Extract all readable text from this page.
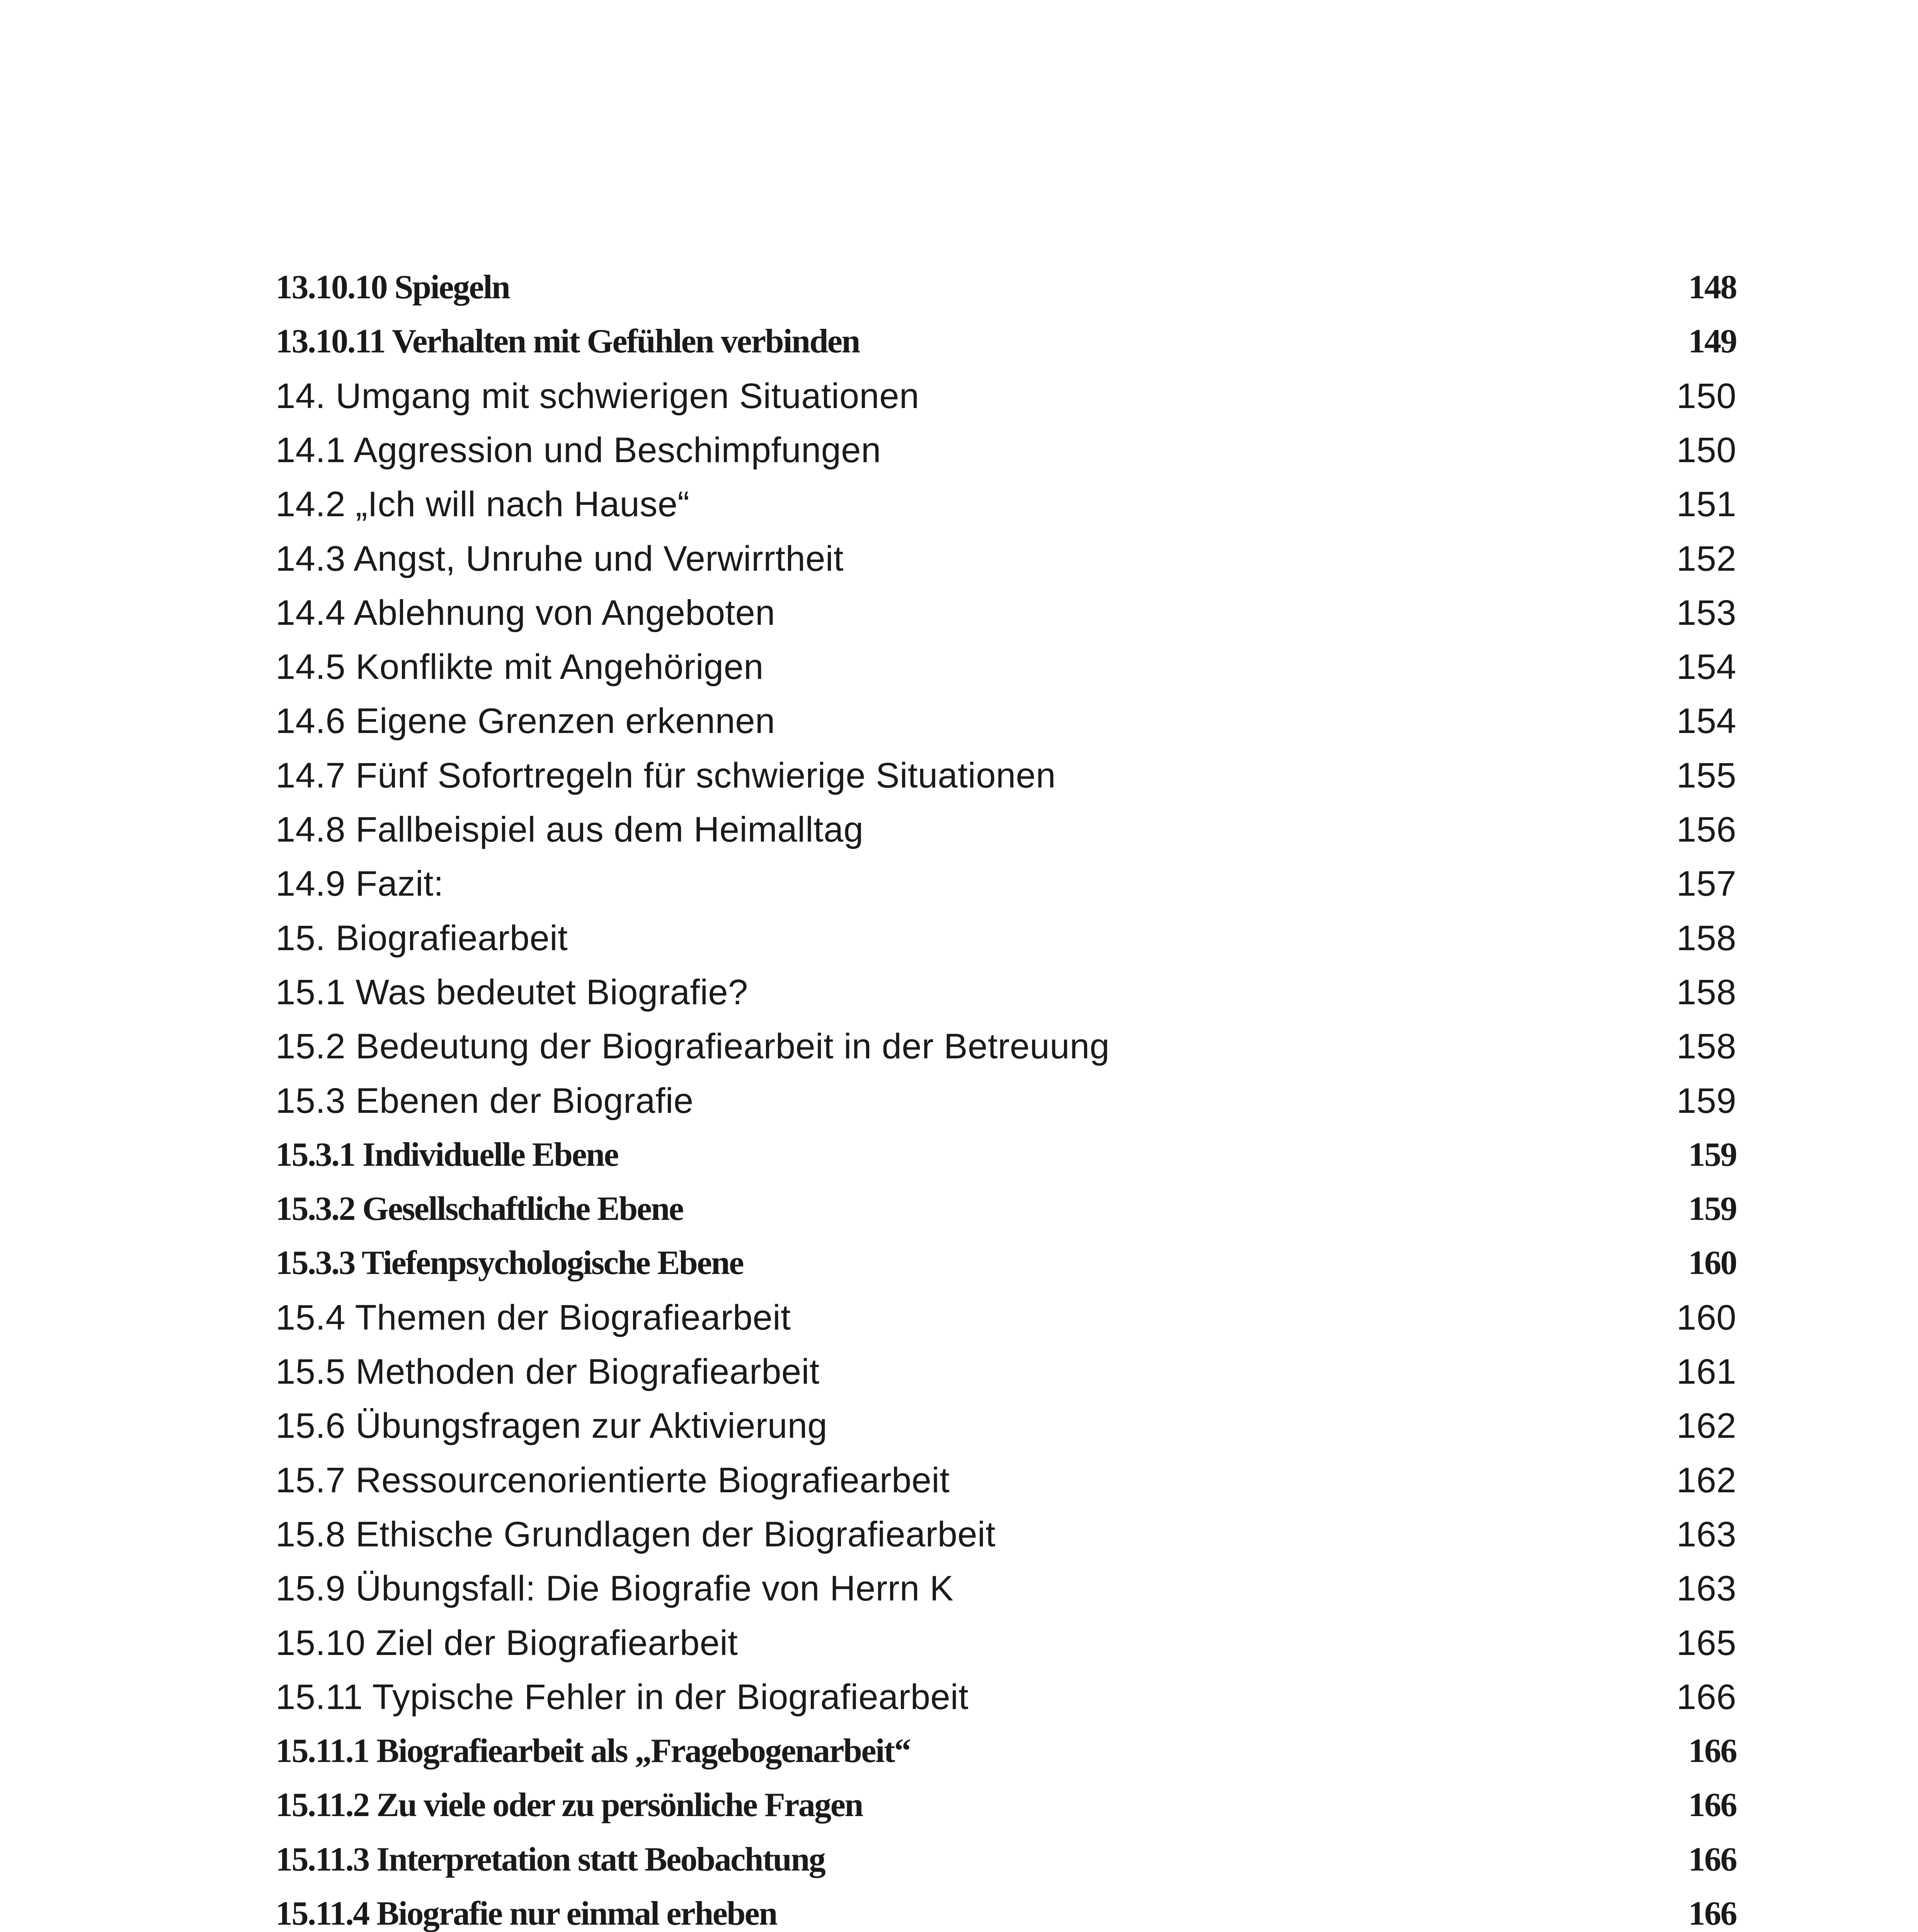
13.10.10 Spiegeln	148
13.10.11 Verhalten mit Gefühlen verbinden	149
14. Umgang mit schwierigen Situationen	150
14.1 Aggression und Beschimpfungen	150
14.2 „Ich will nach Hause“	151
14.3 Angst, Unruhe und Verwirrtheit	152
14.4 Ablehnung von Angeboten	153
14.5 Konflikte mit Angehörigen	154
14.6 Eigene Grenzen erkennen	154
14.7 Fünf Sofortregeln für schwierige Situationen	155
14.8 Fallbeispiel aus dem Heimalltag	156
14.9 Fazit:	157
15. Biografiearbeit	158
15.1 Was bedeutet Biografie?	158
15.2 Bedeutung der Biografiearbeit in der Betreuung	158
15.3 Ebenen der Biografie	159
15.3.1 Individuelle Ebene	159
15.3.2 Gesellschaftliche Ebene	159
15.3.3 Tiefenpsychologische Ebene	160
15.4 Themen der Biografiearbeit	160
15.5 Methoden der Biografiearbeit	161
15.6 Übungsfragen zur Aktivierung	162
15.7 Ressourcenorientierte Biografiearbeit	162
15.8 Ethische Grundlagen der Biografiearbeit	163
15.9 Übungsfall: Die Biografie von Herrn K	163
15.10 Ziel der Biografiearbeit	165
15.11 Typische Fehler in der Biografiearbeit	166
15.11.1 Biografiearbeit als „Fragebogenarbeit“	166
15.11.2 Zu viele oder zu persönliche Fragen	166
15.11.3 Interpretation statt Beobachtung	166
15.11.4 Biografie nur einmal erheben	166
